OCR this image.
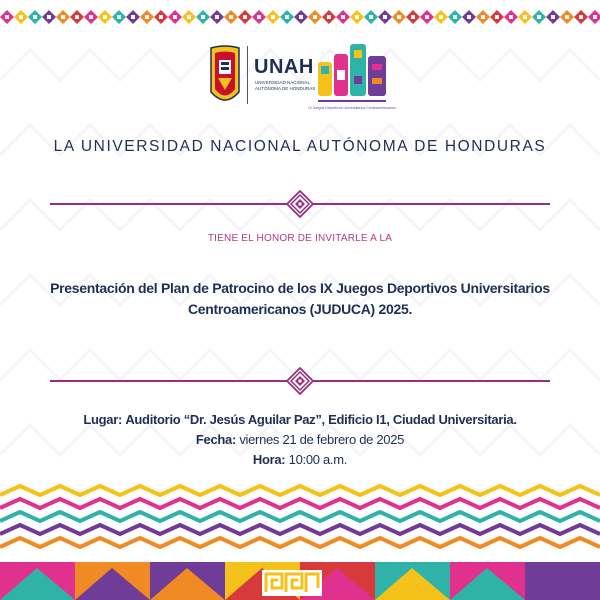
UNAH
UNIVERSIDAD NACIONAL AUTÓNOMA DE HONDURAS
IX Juegos Deportivos Universitarios Centroamericanos
LA UNIVERSIDAD NACIONAL AUTÓNOMA DE HONDURAS
TIENE EL HONOR DE INVITARLE A LA
Presentación del Plan de Patrocino de los IX Juegos Deportivos Universitarios
Centroamericanos (JUDUCA) 2025.
Lugar: Auditorio “Dr. Jesús Aguilar Paz”, Edificio I1, Ciudad Universitaria.
Fecha: viernes 21 de febrero de 2025
Hora: 10:00 a.m.
